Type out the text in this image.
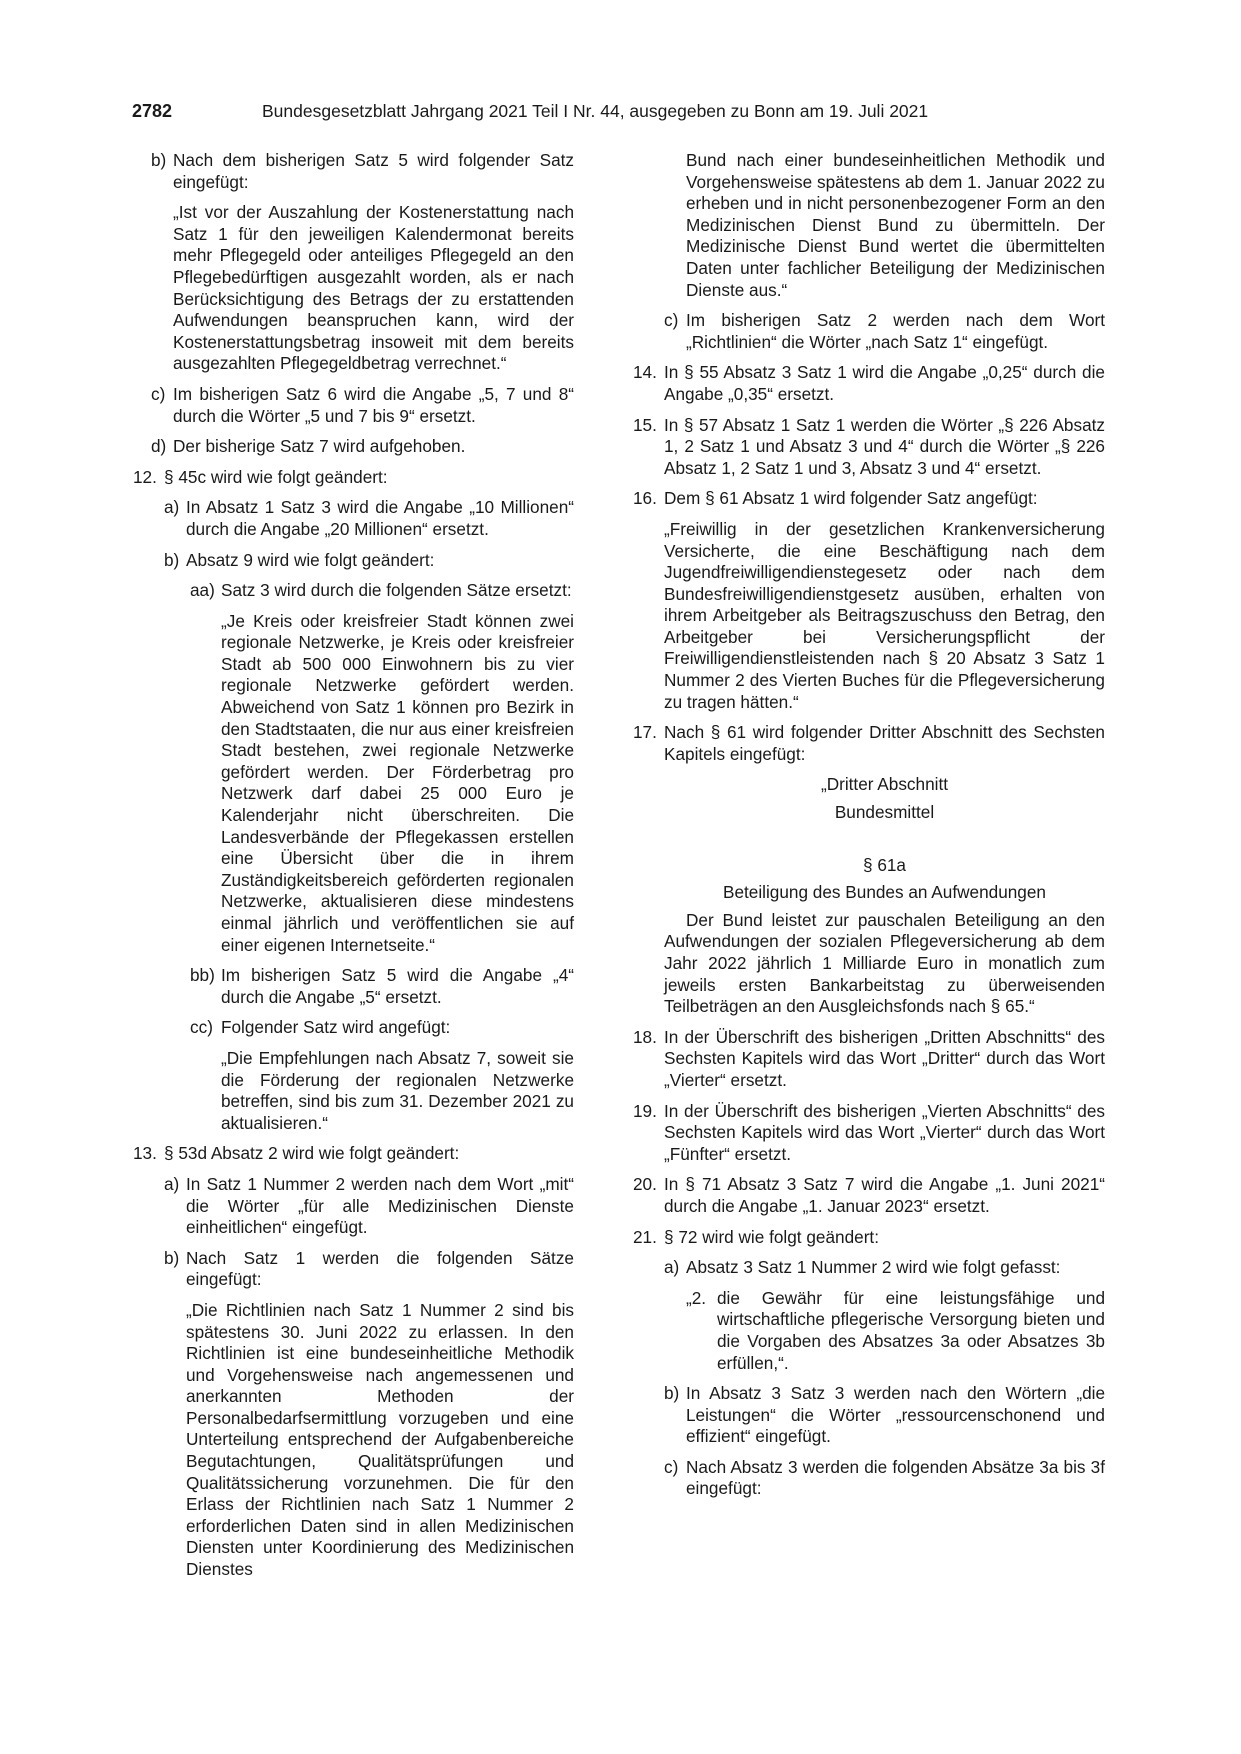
2782	Bundesgesetzblatt Jahrgang 2021 Teil I Nr. 44, ausgegeben zu Bonn am 19. Juli 2021
b) Nach dem bisherigen Satz 5 wird folgender Satz eingefügt:
„Ist vor der Auszahlung der Kostenerstattung nach Satz 1 für den jeweiligen Kalendermonat bereits mehr Pflegegeld oder anteiliges Pflegegeld an den Pflegebedürftigen ausgezahlt worden, als er nach Berücksichtigung des Betrags der zu erstattenden Aufwendungen beanspruchen kann, wird der Kostenerstattungsbetrag insoweit mit dem bereits ausgezahlten Pflegegeldbetrag verrechnet.“
c) Im bisherigen Satz 6 wird die Angabe „5, 7 und 8“ durch die Wörter „5 und 7 bis 9“ ersetzt.
d) Der bisherige Satz 7 wird aufgehoben.
12. § 45c wird wie folgt geändert:
a) In Absatz 1 Satz 3 wird die Angabe „10 Millionen“ durch die Angabe „20 Millionen“ ersetzt.
b) Absatz 9 wird wie folgt geändert:
aa) Satz 3 wird durch die folgenden Sätze ersetzt:
„Je Kreis oder kreisfreier Stadt können zwei regionale Netzwerke, je Kreis oder kreisfreier Stadt ab 500 000 Einwohnern bis zu vier regionale Netzwerke gefördert werden. Abweichend von Satz 1 können pro Bezirk in den Stadtstaaten, die nur aus einer kreisfreien Stadt bestehen, zwei regionale Netzwerke gefördert werden. Der Förderbetrag pro Netzwerk darf dabei 25 000 Euro je Kalenderjahr nicht überschreiten. Die Landesverbände der Pflegekassen erstellen eine Übersicht über die in ihrem Zuständigkeitsbereich geförderten regionalen Netzwerke, aktualisieren diese mindestens einmal jährlich und veröffentlichen sie auf einer eigenen Internetseite.“
bb) Im bisherigen Satz 5 wird die Angabe „4“ durch die Angabe „5“ ersetzt.
cc) Folgender Satz wird angefügt:
„Die Empfehlungen nach Absatz 7, soweit sie die Förderung der regionalen Netzwerke betreffen, sind bis zum 31. Dezember 2021 zu aktualisieren.“
13. § 53d Absatz 2 wird wie folgt geändert:
a) In Satz 1 Nummer 2 werden nach dem Wort „mit“ die Wörter „für alle Medizinischen Dienste einheitlichen“ eingefügt.
b) Nach Satz 1 werden die folgenden Sätze eingefügt:
„Die Richtlinien nach Satz 1 Nummer 2 sind bis spätestens 30. Juni 2022 zu erlassen. In den Richtlinien ist eine bundeseinheitliche Methodik und Vorgehensweise nach angemessenen und anerkannten Methoden der Personalbedarfsermittlung vorzugeben und eine Unterteilung entsprechend der Aufgabenbereiche Begutachtungen, Qualitätsprüfungen und Qualitätssicherung vorzunehmen. Die für den Erlass der Richtlinien nach Satz 1 Nummer 2 erforderlichen Daten sind in allen Medizinischen Diensten unter Koordinierung des Medizinischen Dienstes
Bund nach einer bundeseinheitlichen Methodik und Vorgehensweise spätestens ab dem 1. Januar 2022 zu erheben und in nicht personenbezogener Form an den Medizinischen Dienst Bund zu übermitteln. Der Medizinische Dienst Bund wertet die übermittelten Daten unter fachlicher Beteiligung der Medizinischen Dienste aus.“
c) Im bisherigen Satz 2 werden nach dem Wort „Richtlinien“ die Wörter „nach Satz 1“ eingefügt.
14. In § 55 Absatz 3 Satz 1 wird die Angabe „0,25“ durch die Angabe „0,35“ ersetzt.
15. In § 57 Absatz 1 Satz 1 werden die Wörter „§ 226 Absatz 1, 2 Satz 1 und Absatz 3 und 4“ durch die Wörter „§ 226 Absatz 1, 2 Satz 1 und 3, Absatz 3 und 4“ ersetzt.
16. Dem § 61 Absatz 1 wird folgender Satz angefügt:
„Freiwillig in der gesetzlichen Krankenversicherung Versicherte, die eine Beschäftigung nach dem Jugendfreiwilligendienstegesetz oder nach dem Bundesfreiwilligendienstgesetz ausüben, erhalten von ihrem Arbeitgeber als Beitragszuschuss den Betrag, den Arbeitgeber bei Versicherungspflicht der Freiwilligendienstleistenden nach § 20 Absatz 3 Satz 1 Nummer 2 des Vierten Buches für die Pflegeversicherung zu tragen hätten.“
17. Nach § 61 wird folgender Dritter Abschnitt des Sechsten Kapitels eingefügt:
„Dritter Abschnitt
Bundesmittel
§ 61a
Beteiligung des Bundes an Aufwendungen
Der Bund leistet zur pauschalen Beteiligung an den Aufwendungen der sozialen Pflegeversicherung ab dem Jahr 2022 jährlich 1 Milliarde Euro in monatlich zum jeweils ersten Bankarbeitstag zu überweisenden Teilbeträgen an den Ausgleichsfonds nach § 65.“
18. In der Überschrift des bisherigen „Dritten Abschnitts“ des Sechsten Kapitels wird das Wort „Dritter“ durch das Wort „Vierter“ ersetzt.
19. In der Überschrift des bisherigen „Vierten Abschnitts“ des Sechsten Kapitels wird das Wort „Vierter“ durch das Wort „Fünfter“ ersetzt.
20. In § 71 Absatz 3 Satz 7 wird die Angabe „1. Juni 2021“ durch die Angabe „1. Januar 2023“ ersetzt.
21. § 72 wird wie folgt geändert:
a) Absatz 3 Satz 1 Nummer 2 wird wie folgt gefasst:
„2. die Gewähr für eine leistungsfähige und wirtschaftliche pflegerische Versorgung bieten und die Vorgaben des Absatzes 3a oder Absatzes 3b erfüllen,“.
b) In Absatz 3 Satz 3 werden nach den Wörtern „die Leistungen“ die Wörter „ressourcenschonend und effizient“ eingefügt.
c) Nach Absatz 3 werden die folgenden Absätze 3a bis 3f eingefügt:
